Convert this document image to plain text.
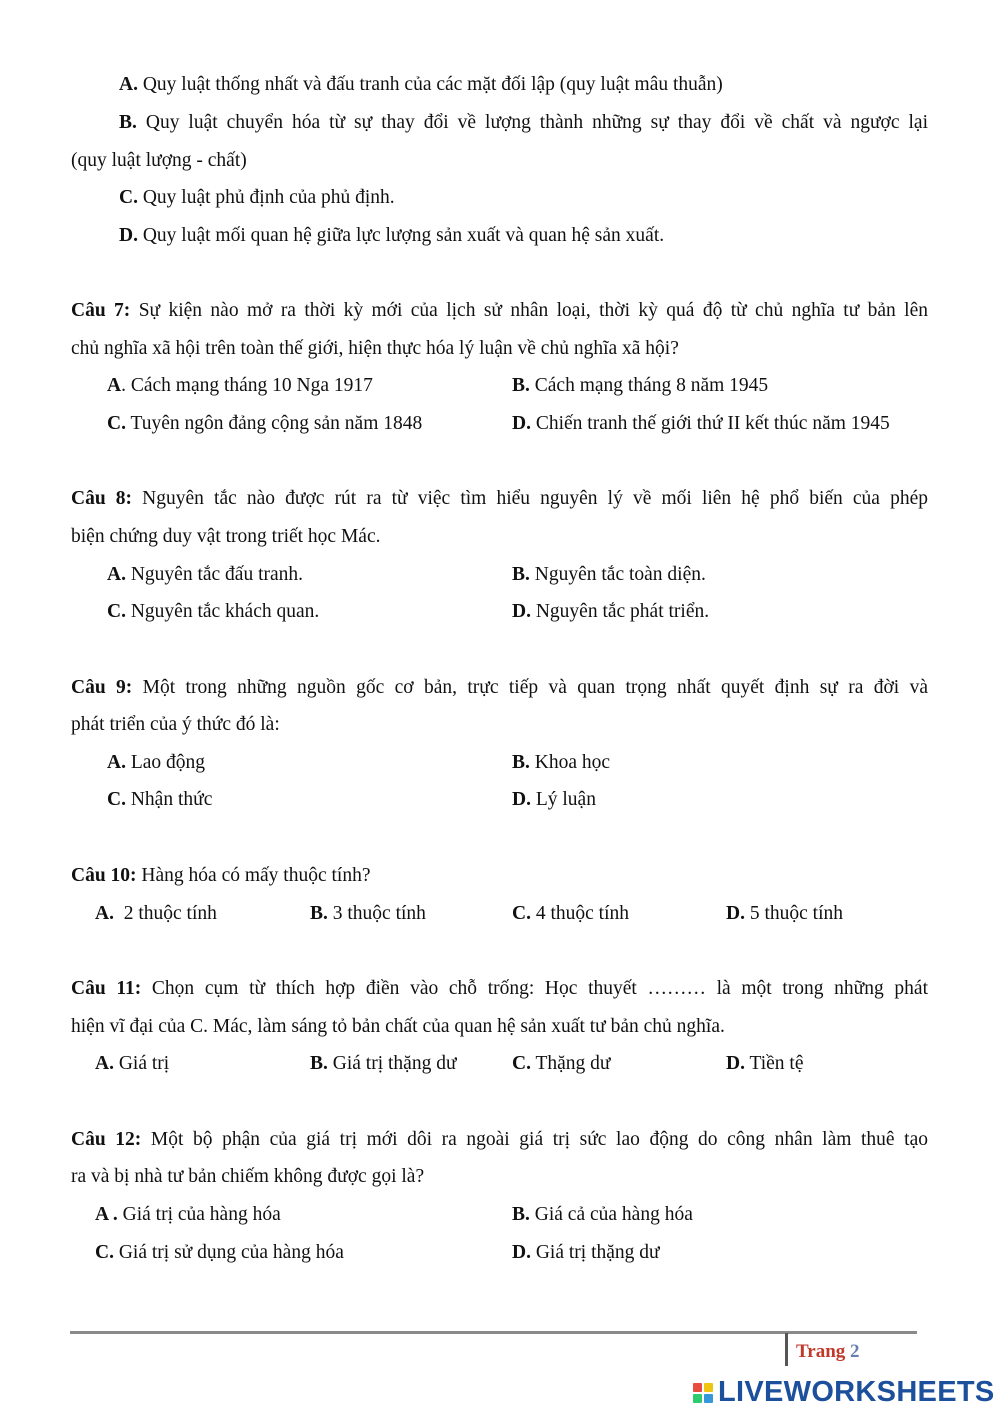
A. Quy luật thống nhất và đấu tranh của các mặt đối lập (quy luật mâu thuẫn)
B. Quy luật chuyển hóa từ sự thay đổi về lượng thành những sự thay đổi về chất và ngược lại
(quy luật lượng - chất)
C. Quy luật phủ định của phủ định.
D. Quy luật mối quan hệ giữa lực lượng sản xuất và quan hệ sản xuất.
Câu 7: Sự kiện nào mở ra thời kỳ mới của lịch sử nhân loại, thời kỳ quá độ từ chủ nghĩa tư bản lên
chủ nghĩa xã hội trên toàn thế giới, hiện thực hóa lý luận về chủ nghĩa xã hội?
A. Cách mạng tháng 10 Nga 1917	B. Cách mạng tháng 8 năm 1945
C. Tuyên ngôn đảng cộng sản năm 1848	D. Chiến tranh thế giới thứ II kết thúc năm 1945
Câu 8: Nguyên tắc nào được rút ra từ việc tìm hiểu nguyên lý về mối liên hệ phổ biến của phép
biện chứng duy vật trong triết học Mác.
A. Nguyên tắc đấu tranh.	B. Nguyên tắc toàn diện.
C. Nguyên tắc khách quan.	D. Nguyên tắc phát triển.
Câu 9: Một trong những nguồn gốc cơ bản, trực tiếp và quan trọng nhất quyết định sự ra đời và
phát triển của ý thức đó là:
A. Lao động	B. Khoa học
C. Nhận thức	D. Lý luận
Câu 10: Hàng hóa có mấy thuộc tính?
A.  2 thuộc tính	B. 3 thuộc tính	C. 4 thuộc tính	D. 5 thuộc tính
Câu 11: Chọn cụm từ thích hợp điền vào chỗ trống: Học thuyết ……… là một trong những phát
hiện vĩ đại của C. Mác, làm sáng tỏ bản chất của quan hệ sản xuất tư bản chủ nghĩa.
A. Giá trị	B. Giá trị thặng dư	C. Thặng dư	D. Tiền tệ
Câu 12: Một bộ phận của giá trị mới dôi ra ngoài giá trị sức lao động do công nhân làm thuê tạo
ra và bị nhà tư bản chiếm không được gọi là?
A . Giá trị của hàng hóa	B. Giá cả của hàng hóa
C. Giá trị sử dụng của hàng hóa	D. Giá trị thặng dư
Trang 2
LIVEWORKSHEETS
